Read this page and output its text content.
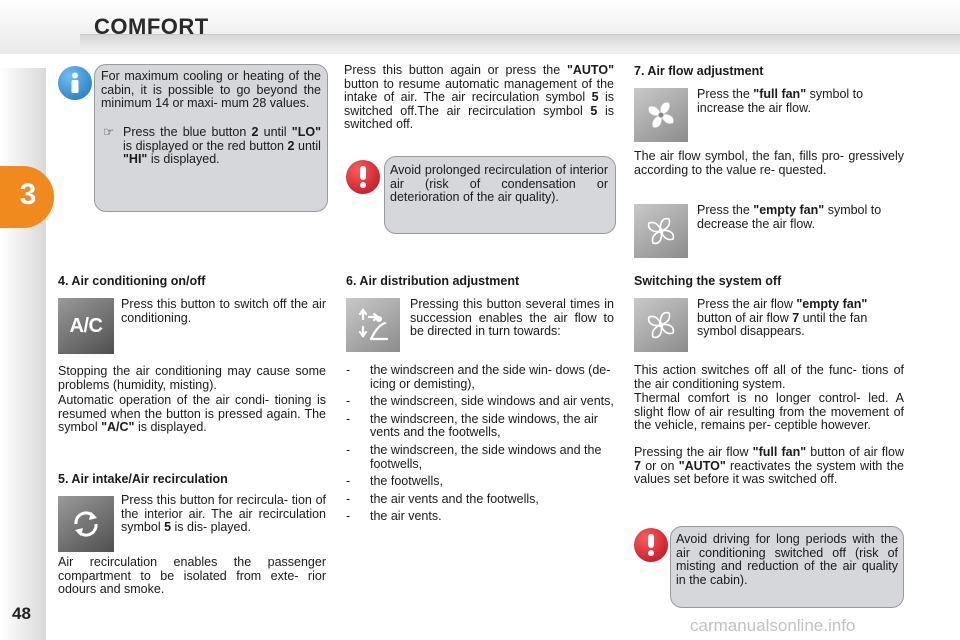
COMFORT
3
48
For maximum cooling or heating of the cabin, it is possible to go beyond the minimum 14 or maxi- mum 28 values.
☞ Press the blue button 2 until "LO" is displayed or the red button 2 until "HI" is displayed.
Press this button again or press the "AUTO" button to resume automatic management of the intake of air. The air recirculation symbol 5 is switched off.The air recirculation symbol 5 is switched off.
Avoid prolonged recirculation of interior air (risk of condensation or deterioration of the air quality).
7. Air flow adjustment
Press the "full fan" symbol to increase the air flow.
The air flow symbol, the fan, fills pro- gressively according to the value re- quested.
Press the "empty fan" symbol to decrease the air flow.
4. Air conditioning on/off
A/C
Press this button to switch off the air conditioning.
Stopping the air conditioning may cause some problems (humidity, misting).
Automatic operation of the air condi- tioning is resumed when the button is pressed again. The symbol "A/C" is displayed.
5. Air intake/Air recirculation
Press this button for recircula- tion of the interior air. The air recirculation symbol 5 is dis- played.
Air recirculation enables the passenger compartment to be isolated from exte- rior odours and smoke.
6. Air distribution adjustment
Pressing this button several times in succession enables the air flow to be directed in turn towards:
- the windscreen and the side win- dows (de-icing or demisting),
- the windscreen, side windows and air vents,
- the windscreen, the side windows, the air vents and the footwells,
- the windscreen, the side windows and the footwells,
- the footwells,
- the air vents and the footwells,
- the air vents.
Switching the system off
Press the air flow "empty fan" button of air flow 7 until the fan symbol disappears.
This action switches off all of the func- tions of the air conditioning system.
Thermal comfort is no longer control- led. A slight flow of air resulting from the movement of the vehicle, remains per- ceptible however.
Pressing the air flow "full fan" button of air flow 7 or on "AUTO" reactivates the system with the values set before it was switched off.
Avoid driving for long periods with the air conditioning switched off (risk of misting and reduction of the air quality in the cabin).
carmanualsonline.info
